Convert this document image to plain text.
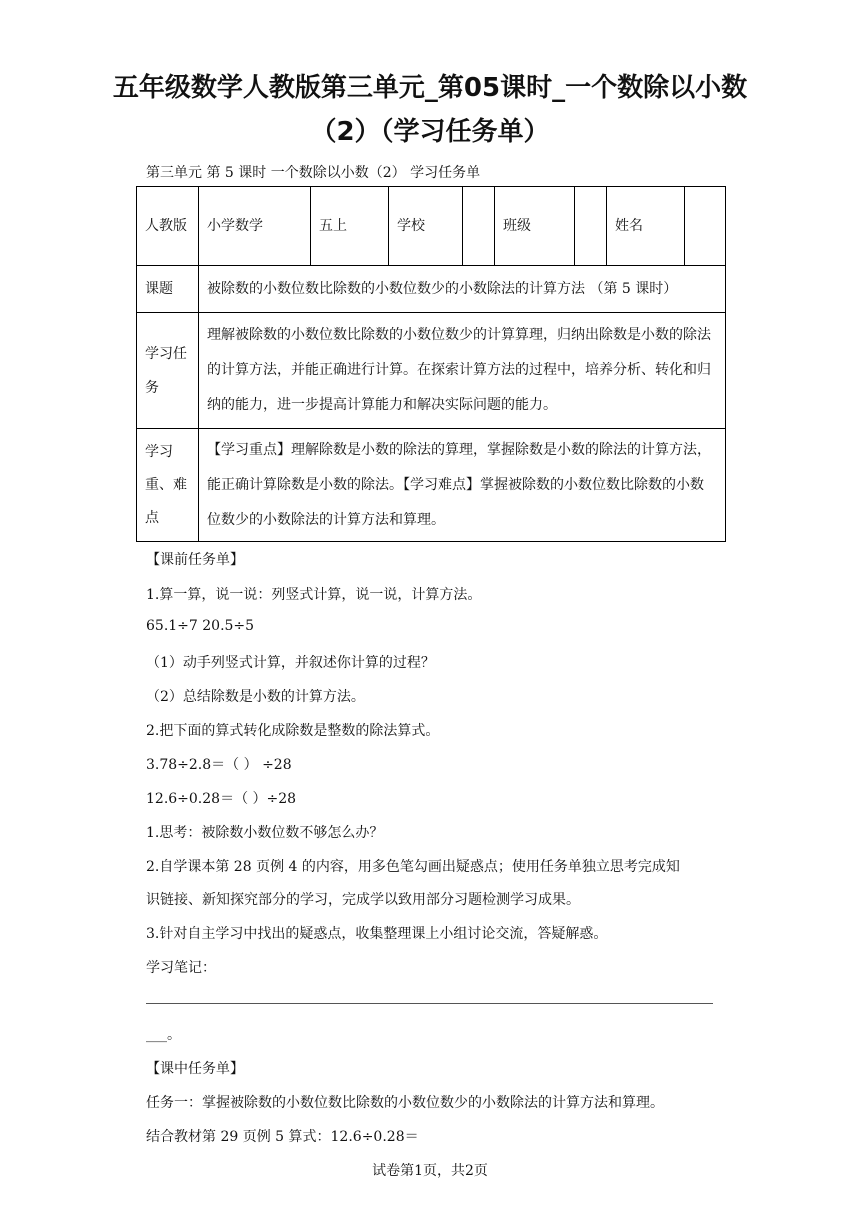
五年级数学人教版第三单元_第05课时_一个数除以小数（2）（学习任务单）
第三单元 第 5 课时 一个数除以小数（2） 学习任务单
人教版	小学数学	五上	学校		班级		姓名	
课题	被除数的小数位数比除数的小数位数少的小数除法的计算方法 （第 5 课时）							
学习任务	理解被除数的小数位数比除数的小数位数少的计算算理，归纳出除数是小数的除法的计算方法，并能正确进行计算。在探索计算方法的过程中，培养分析、转化和归纳的能力，进一步提高计算能力和解决实际问题的能力。							
学习重、难点	【学习重点】理解除数是小数的除法的算理，掌握除数是小数的除法的计算方法，能正确计算除数是小数的除法。【学习难点】掌握被除数的小数位数比除数的小数位数少的小数除法的计算方法和算理。							
【课前任务单】
1.算一算，说一说：列竖式计算，说一说，计算方法。
65.1÷7 20.5÷5
（1）动手列竖式计算，并叙述你计算的过程？
（2）总结除数是小数的计算方法。
2.把下面的算式转化成除数是整数的除法算式。
3.78÷2.8＝（ ） ÷28
12.6÷0.28＝（ ）÷28
1.思考：被除数小数位数不够怎么办？
2.自学课本第 28 页例 4 的内容，用多色笔勾画出疑惑点；使用任务单独立思考完成知
识链接、新知探究部分的学习，完成学以致用部分习题检测学习成果。
3.针对自主学习中找出的疑惑点，收集整理课上小组讨论交流，答疑解惑。
学习笔记：
___。
【课中任务单】
任务一：掌握被除数的小数位数比除数的小数位数少的小数除法的计算方法和算理。
结合教材第 29 页例 5 算式：12.6÷0.28＝
试卷第1页，共2页
